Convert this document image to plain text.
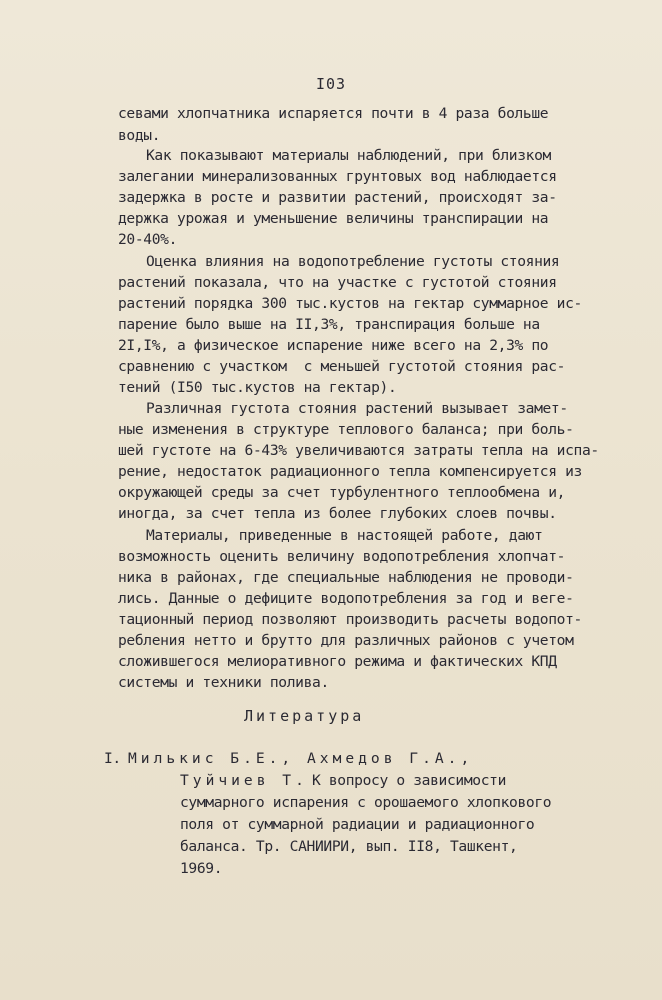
I03
севами хлопчатника испаряется почти в 4 раза больше
воды.
Как показывают материалы наблюдений, при близком
залегании минерализованных грунтовых вод наблюдается
задержка в росте и развитии растений, происходят за-
держка урожая и уменьшение величины транспирации на
20-40%.
Оценка влияния на водопотребление густоты стояния
растений показала, что на участке с густотой стояния
растений порядка 300 тыс.кустов на гектар суммарное ис-
парение было выше на II,3%, транспирация больше на
2I,I%, а физическое испарение ниже всего на 2,3% по
сравнению с участком  с меньшей густотой стояния рас-
тений (I50 тыс.кустов на гектар).
Различная густота стояния растений вызывает замет-
ные изменения в структуре теплового баланса; при боль-
шей густоте на 6-43% увеличиваются затраты тепла на испа-
рение, недостаток радиационного тепла компенсируется из
окружающей среды за счет турбулентного теплообмена и,
иногда, за счет тепла из более глубоких слоев почвы.
Материалы, приведенные в настоящей работе, дают
возможность оценить величину водопотребления хлопчат-
ника в районах, где специальные наблюдения не проводи-
лись. Данные о дефиците водопотребления за год и веге-
тационный период позволяют производить расчеты водопот-
ребления нетто и брутто для различных районов с учетом
сложившегося мелиоративного режима и фактических КПД
системы и техники полива.
Литература
I. Милькис Б.Е., Ахмедов Г.А.,
Туйчиев Т. К вопросу о зависимости
суммарного испарения с орошаемого хлопкового
поля от суммарной радиации и радиационного
баланса. Тр. САНИИРИ, вып. II8, Ташкент,
1969.
